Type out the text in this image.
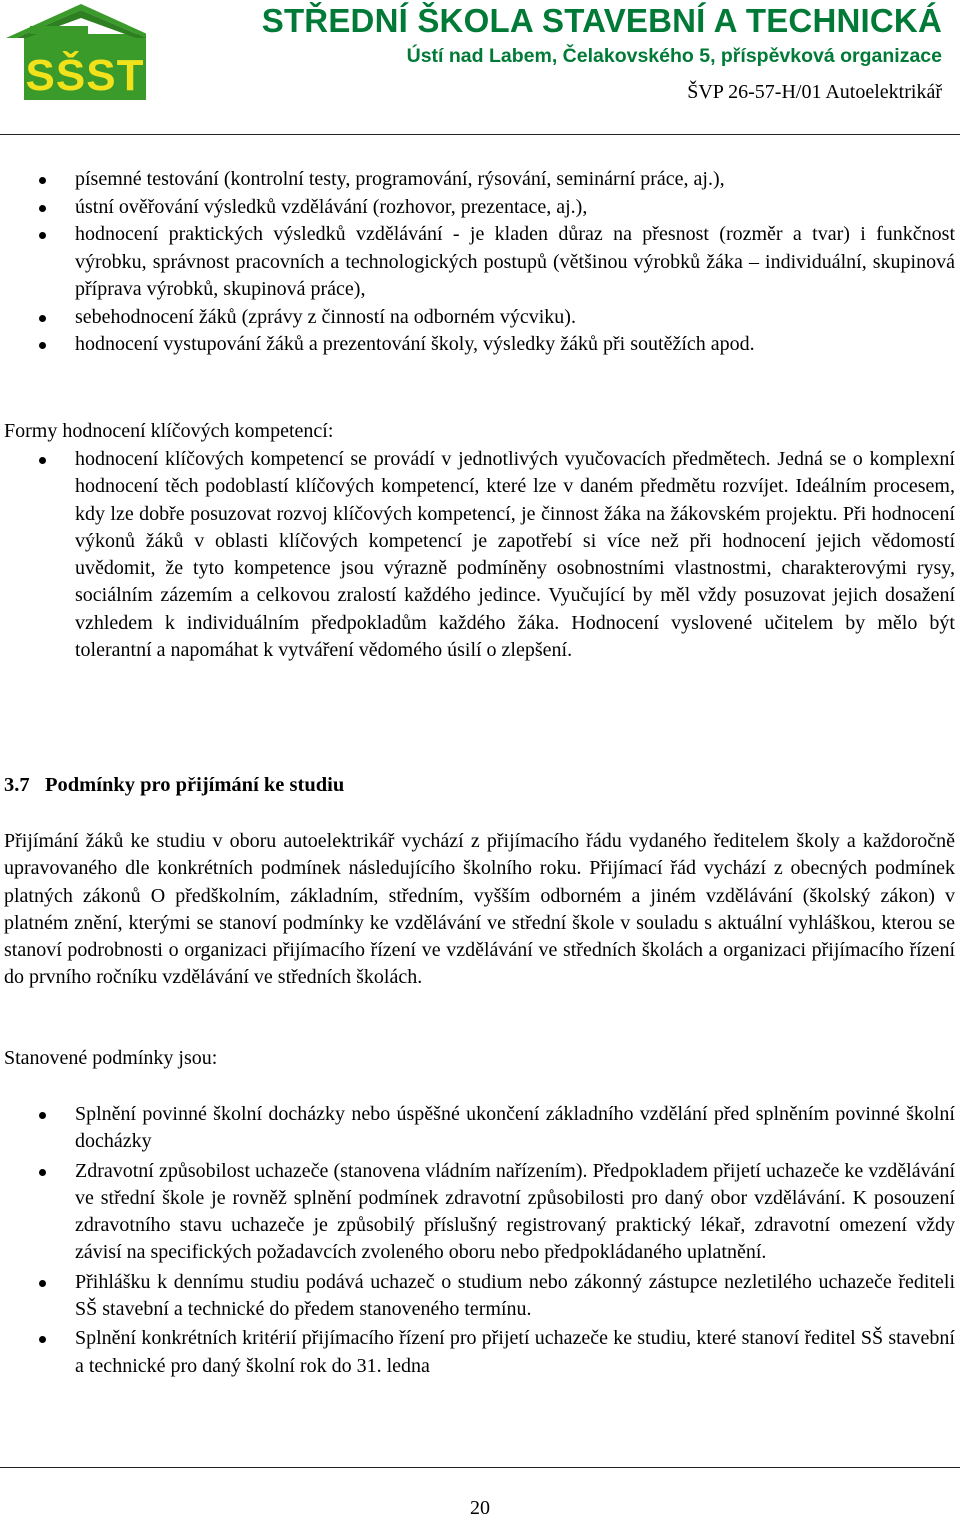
SŠST
STŘEDNÍ ŠKOLA STAVEBNÍ A TECHNICKÁ
Ústí nad Labem, Čelakovského 5, příspěvková organizace
ŠVP 26-57-H/01 Autoelektrikář
písemné testování (kontrolní testy, programování, rýsování, seminární práce, aj.),
ústní ověřování výsledků vzdělávání (rozhovor, prezentace, aj.),
hodnocení praktických výsledků vzdělávání - je kladen důraz na přesnost (rozměr a tvar) i funkčnost výrobku, správnost pracovních a technologických postupů (většinou výrobků žáka – individuální, skupinová příprava výrobků, skupinová práce),
sebehodnocení žáků (zprávy z činností na odborném výcviku).
hodnocení vystupování žáků a prezentování školy, výsledky žáků při soutěžích apod.

Formy hodnocení klíčových kompetencí:

hodnocení klíčových kompetencí se provádí v jednotlivých vyučovacích předmětech. Jedná se o komplexní hodnocení těch podoblastí klíčových kompetencí, které lze v daném předmětu rozvíjet. Ideálním procesem, kdy lze dobře posuzovat rozvoj klíčových kompetencí, je činnost žáka na žákovském projektu. Při hodnocení výkonů žáků v oblasti klíčových kompetencí je zapotřebí si více než při hodnocení jejich vědomostí uvědomit, že tyto kompetence jsou výrazně podmíněny osobnostními vlastnostmi, charakterovými rysy, sociálním zázemím a celkovou zralostí každého jedince. Vyučující by měl vždy posuzovat jejich dosažení vzhledem k individuálním předpokladům každého žáka. Hodnocení vyslovené učitelem by mělo být tolerantní a napomáhat k vytváření vědomého úsilí o zlepšení.
3.7 Podmínky pro přijímání ke studiu

Přijímání žáků ke studiu v oboru autoelektrikář vychází z přijímacího řádu vydaného ředitelem školy a každoročně upravovaného dle konkrétních podmínek následujícího školního roku. Přijímací řád vychází z obecných podmínek platných zákonů O předškolním, základním, středním, vyšším odborném a jiném vzdělávání (školský zákon) v platném znění, kterými se stanoví podmínky ke vzdělávání ve střední škole v souladu s aktuální vyhláškou, kterou se stanoví podrobnosti o organizaci přijímacího řízení ve vzdělávání ve středních školách a organizaci přijímacího řízení do prvního ročníku vzdělávání ve středních školách.

Stanovené podmínky jsou:

Splnění povinné školní docházky nebo úspěšné ukončení základního vzdělání před splněním povinné školní docházky
Zdravotní způsobilost uchazeče (stanovena vládním nařízením). Předpokladem přijetí uchazeče ke vzdělávání ve střední škole je rovněž splnění podmínek zdravotní způsobilosti pro daný obor vzdělávání. K posouzení zdravotního stavu uchazeče je způsobilý příslušný registrovaný praktický lékař, zdravotní omezení vždy závisí na specifických požadavcích zvoleného oboru nebo předpokládaného uplatnění.
Přihlášku k dennímu studiu podává uchazeč o studium nebo zákonný zástupce nezletilého uchazeče řediteli SŠ stavební a technické do předem stanoveného termínu.
Splnění konkrétních kritérií přijímacího řízení pro přijetí uchazeče ke studiu, které stanoví ředitel SŠ stavební a technické pro daný školní rok do 31. ledna
20
